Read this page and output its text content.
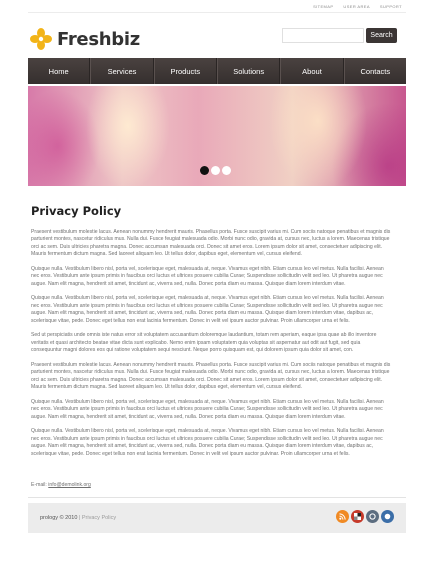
SITEMAP	USER AREA	SUPPORT
Freshbiz	Search
Home	Services	Products	Solutions	About	Contacts
Privacy Policy

Praesent vestibulum molestie lacus. Aenean nonummy hendrerit mauris. Phasellus porta. Fusce suscipit varius mi. Cum sociis natoque penatibus et magnis dis parturient montes, nascetur ridiculus mus. Nulla dui. Fusce feugiat malesuada odio. Morbi nunc odio, gravida at, cursus nec, luctus a lorem. Maecenas tristique orci ac sem. Duis ultricies pharetra magna. Donec accumsan malesuada orci. Donec sit amet eros. Lorem ipsum dolor sit amet, consectetuer adipiscing elit. Mauris fermentum dictum magna. Sed laoreet aliquam leo. Ut tellus dolor, dapibus eget, elementum vel, cursus eleifend.

Quisque nulla. Vestibulum libero nisl, porta vel, scelerisque eget, malesuada at, neque. Vivamus eget nibh. Etiam cursus leo vel metus. Nulla facilisi. Aenean nec eros. Vestibulum ante ipsum primis in faucibus orci luctus et ultrices posuere cubilia Curae; Suspendisse sollicitudin velit sed leo. Ut pharetra augue nec augue. Nam elit magna, hendrerit sit amet, tincidunt ac, viverra sed, nulla. Donec porta diam eu massa. Quisque diam lorem interdum vitae.

Quisque nulla. Vestibulum libero nisl, porta vel, scelerisque eget, malesuada at, neque. Vivamus eget nibh. Etiam cursus leo vel metus. Nulla facilisi. Aenean nec eros. Vestibulum ante ipsum primis in faucibus orci luctus et ultrices posuere cubilia Curae; Suspendisse sollicitudin velit sed leo. Ut pharetra augue nec augue. Nam elit magna, hendrerit sit amet, tincidunt ac, viverra sed, nulla. Donec porta diam eu massa. Quisque diam lorem interdum vitae, dapibus ac, scelerisque vitae, pede. Donec eget tellus non erat lacinia fermentum. Donec in velit vel ipsum auctor pulvinar. Proin ullamcorper urna et felis.

Sed ut perspiciatis unde omnis iste natus error sit voluptatem accusantium doloremque laudantium, totam rem aperiam, eaque ipsa quae ab illo inventore veritatis et quasi architecto beatae vitae dicta sunt explicabo. Nemo enim ipsam voluptatem quia voluptas sit aspernatur aut odit aut fugit, sed quia consequuntur magni dolores eos qui ratione voluptatem sequi nesciunt. Neque porro quisquam est, qui dolorem ipsum quia dolor sit amet, con.

Praesent vestibulum molestie lacus. Aenean nonummy hendrerit mauris. Phasellus porta. Fusce suscipit varius mi. Cum sociis natoque penatibus et magnis dis parturient montes, nascetur ridiculus mus. Nulla dui. Fusce feugiat malesuada odio. Morbi nunc odio, gravida at, cursus nec, luctus a lorem. Maecenas tristique orci ac sem. Duis ultricies pharetra magna. Donec accumsan malesuada orci. Donec sit amet eros. Lorem ipsum dolor sit amet, consectetuer adipiscing elit. Mauris fermentum dictum magna. Sed laoreet aliquam leo. Ut tellus dolor, dapibus eget, elementum vel, cursus eleifend.

Quisque nulla. Vestibulum libero nisl, porta vel, scelerisque eget, malesuada at, neque. Vivamus eget nibh. Etiam cursus leo vel metus. Nulla facilisi. Aenean nec eros. Vestibulum ante ipsum primis in faucibus orci luctus et ultrices posuere cubilia Curae; Suspendisse sollicitudin velit sed leo. Ut pharetra augue nec augue. Nam elit magna, hendrerit sit amet, tincidunt ac, viverra sed, nulla. Donec porta diam eu massa. Quisque diam lorem interdum vitae.

Quisque nulla. Vestibulum libero nisl, porta vel, scelerisque eget, malesuada at, neque. Vivamus eget nibh. Etiam cursus leo vel metus. Nulla facilisi. Aenean nec eros. Vestibulum ante ipsum primis in faucibus orci luctus et ultrices posuere cubilia Curae; Suspendisse sollicitudin velit sed leo. Ut pharetra augue nec augue. Nam elit magna, hendrerit sit amet, tincidunt ac, viverra sed, nulla. Donec porta diam eu massa. Quisque diam lorem interdum vitae, dapibus ac, scelerisque vitae, pede. Donec eget tellus non erat lacinia fermentum. Donec in velit vel ipsum auctor pulvinar. Proin ullamcorper urna et felis.

E-mail: info@demolink.org
prology © 2010 | Privacy Policy
